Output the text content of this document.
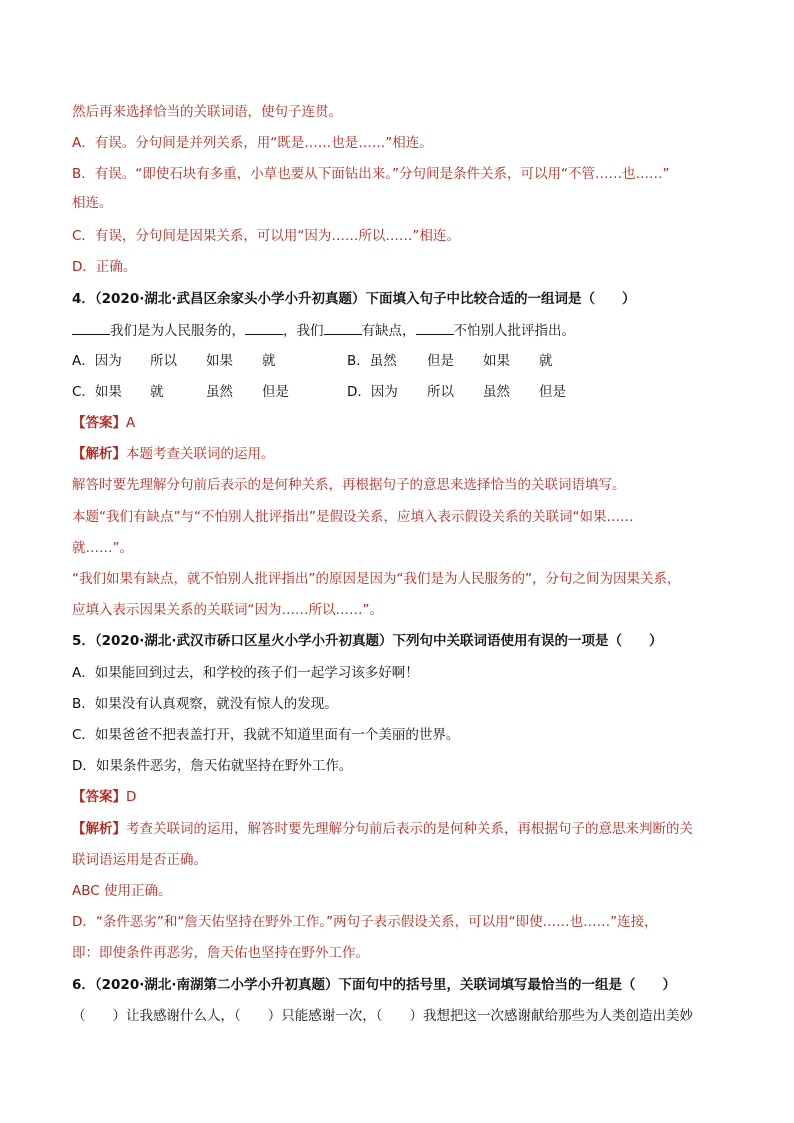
然后再来选择恰当的关联词语，使句子连贯。
A．有误。分句间是并列关系，用“既是……也是……”相连。
B．有误。“即使石块有多重，小草也要从下面钻出来。”分句间是条件关系，可以用“不管……也……”
相连。
C．有误，分句间是因果关系，可以用“因为……所以……”相连。
D．正确。
4．（2020·湖北·武昌区余家头小学小升初真题）下面填入句子中比较合适的一组词是（　　）
我们是为人民服务的，	，我们	有缺点，	不怕别人批评指出。
A．因为 所以 如果 就	B．虽然 但是 如果 就
C．如果 就	虽然 但是	D．因为 所以 虽然 但是
【答案】A
【解析】本题考查关联词的运用。
解答时要先理解分句前后表示的是何种关系，再根据句子的意思来选择恰当的关联词语填写。
本题“我们有缺点”与“不怕别人批评指出”是假设关系，应填入表示假设关系的关联词“如果……
就……”。
“我们如果有缺点，就不怕别人批评指出”的原因是因为“我们是为人民服务的”，分句之间为因果关系，
应填入表示因果关系的关联词“因为……所以……”。
5．（2020·湖北·武汉市硚口区星火小学小升初真题）下列句中关联词语使用有误的一项是（　　）
A．如果能回到过去，和学校的孩子们一起学习该多好啊！
B．如果没有认真观察，就没有惊人的发现。
C．如果爸爸不把表盖打开，我就不知道里面有一个美丽的世界。
D．如果条件恶劣，詹天佑就坚持在野外工作。
【答案】D
【解析】考查关联词的运用，解答时要先理解分句前后表示的是何种关系，再根据句子的意思来判断的关
联词语运用是否正确。
ABC 使用正确。
D．“条件恶劣”和“詹天佑坚持在野外工作。”两句子表示假设关系，可以用“即使……也……”连接，
即：即使条件再恶劣，詹天佑也坚持在野外工作。
6．（2020·湖北·南湖第二小学小升初真题）下面句中的括号里，关联词填写最恰当的一组是（　　）
（　　）让我感谢什么人，（　　）只能感谢一次，（　　）我想把这一次感谢献给那些为人类创造出美妙
